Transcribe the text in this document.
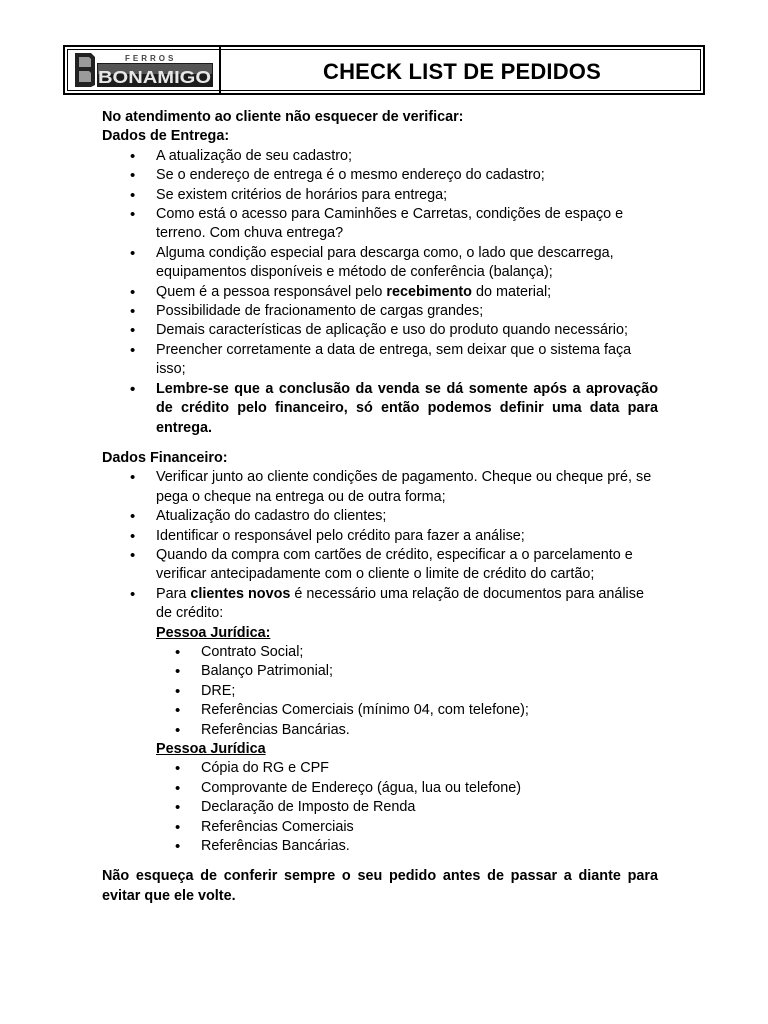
FERROS
BONAMIGO	CHECK LIST DE PEDIDOS

No atendimento ao cliente não esquecer de verificar:

Dados de Entrega:

• A atualização de seu cadastro;
• Se o endereço de entrega é o mesmo endereço do cadastro;
• Se existem critérios de horários para entrega;
• Como está o acesso para Caminhões e Carretas, condições de espaço e terreno. Com chuva entrega?
• Alguma condição especial para descarga como, o lado que descarrega, equipamentos disponíveis e método de conferência (balança);
• Quem é a pessoa responsável pelo recebimento do material;
• Possibilidade de fracionamento de cargas grandes;
• Demais características de aplicação e uso do produto quando necessário;
• Preencher corretamente a data de entrega, sem deixar que o sistema faça isso;
• Lembre-se que a conclusão da venda se dá somente após a aprovação de crédito pelo financeiro, só então podemos definir uma data para entrega.

Dados Financeiro:

• Verificar junto ao cliente condições de pagamento. Cheque ou cheque pré, se pega o cheque na entrega ou de outra forma;
• Atualização do cadastro do clientes;
• Identificar o responsável pelo crédito para fazer a análise;
• Quando da compra com cartões de crédito, especificar a o parcelamento e verificar antecipadamente com o cliente o limite de crédito do cartão;
• Para clientes novos é necessário uma relação de documentos para análise de crédito:

Pessoa Jurídica:

• Contrato Social;
• Balanço Patrimonial;
• DRE;
• Referências Comerciais (mínimo 04, com telefone);
• Referências Bancárias.

Pessoa Jurídica

• Cópia do RG e CPF
• Comprovante de Endereço (água, lua ou telefone)
• Declaração de Imposto de Renda
• Referências Comerciais
• Referências Bancárias.

Não esqueça de conferir sempre o seu pedido antes de passar a diante para evitar que ele volte.
